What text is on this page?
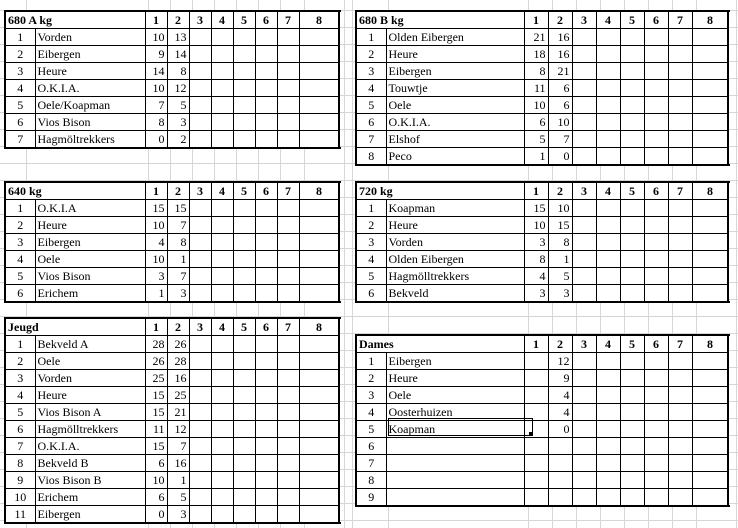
680 A kg		1	2	3	4	5	6	7	8	
1	Vorden	10	13							
2	Eibergen	9	14							
3	Heure	14	8							
4	O.K.I.A.	10	12							
5	Oele/Koapman	7	5							
6	Vios Bison	8	3							
7	Hagmöltrekkers	0	2							
680 B kg		1	2	3	4	5	6	7	8	
1	Olden Eibergen	21	16							
2	Heure	18	16							
3	Eibergen	8	21							
4	Touwtje	11	6							
5	Oele	10	6							
6	O.K.I.A.	6	10							
7	Elshof	5	7							
8	Peco	1	0							
640 kg		1	2	3	4	5	6	7	8	
1	O.K.I.A	15	15							
2	Heure	10	7							
3	Eibergen	4	8							
4	Oele	10	1							
5	Vios Bison	3	7							
6	Erichem	1	3							
720 kg		1	2	3	4	5	6	7	8	
1	Koapman	15	10							
2	Heure	10	15							
3	Vorden	3	8							
4	Olden Eibergen	8	1							
5	Hagmölltrekkers	4	5							
6	Bekveld	3	3							
Jeugd		1	2	3	4	5	6	7	8	
1	Bekveld A	28	26							
2	Oele	26	28							
3	Vorden	25	16							
4	Heure	15	25							
5	Vios Bison A	15	21							
6	Hagmölltrekkers	11	12							
7	O.K.I.A.	15	7							
8	Bekveld B	6	16							
9	Vios Bison B	10	1							
10	Erichem	6	5							
11	Eibergen	0	3							
Dames		1	2	3	4	5	6	7	8	
1	Eibergen		12							
2	Heure		9							
3	Oele		4							
4	Oosterhuizen		4							
5	Koapman		0							
6										
7										
8										
9										
